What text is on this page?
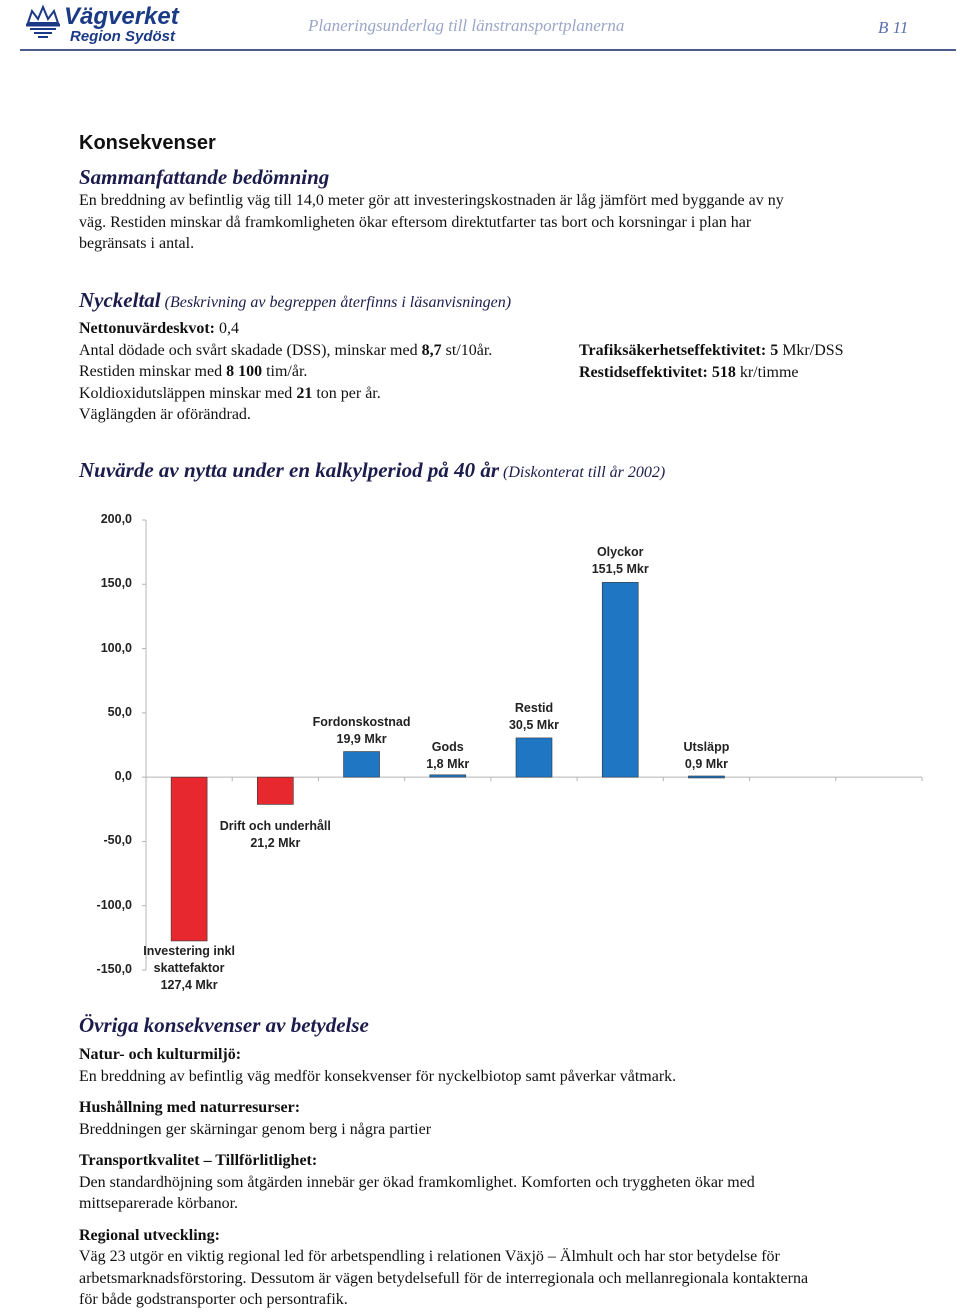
Vägverket
Region Sydöst
Planeringsunderlag till länstransportplanerna	B 11
Konsekvenser
Sammanfattande bedömning
En breddning av befintlig väg till 14,0 meter gör att investeringskostnaden är låg jämfört med byggande av ny
väg. Restiden minskar då framkomligheten ökar eftersom direktutfarter tas bort och korsningar i plan har
begränsats i antal.
Nyckeltal (Beskrivning av begreppen återfinns i läsanvisningen)
Nettonuvärdeskvot: 0,4
Antal dödade och svårt skadade (DSS), minskar med 8,7 st/10år.
Restiden minskar med 8 100 tim/år.
Koldioxidutsläppen minskar med 21 ton per år.
Väglängden är oförändrad.
Trafiksäkerhetseffektivitet: 5 Mkr/DSS
Restidseffektivitet: 518 kr/timme
Nuvärde av nytta under en kalkylperiod på 40 år (Diskonterat till år 2002)
200,0
150,0
100,0
50,0
0,0
-50,0
-100,0
-150,0
Investering inkl
skattefaktor
127,4 Mkr
Drift och underhåll
21,2 Mkr
Fordonskostnad
19,9 Mkr
Gods
1,8 Mkr
Restid
30,5 Mkr
Olyckor
151,5 Mkr
Utsläpp
0,9 Mkr
Övriga konsekvenser av betydelse
Natur- och kulturmiljö:
En breddning av befintlig väg medför konsekvenser för nyckelbiotop samt påverkar våtmark.
Hushållning med naturresurser:
Breddningen ger skärningar genom berg i några partier
Transportkvalitet – Tillförlitlighet:
Den standardhöjning som åtgärden innebär ger ökad framkomlighet. Komforten och tryggheten ökar med
mittseparerade körbanor.
Regional utveckling:
Väg 23 utgör en viktig regional led för arbetspendling i relationen Växjö – Älmhult och har stor betydelse för
arbetsmarknadsförstoring. Dessutom är vägen betydelsefull för de interregionala och mellanregionala kontakterna
för både godstransporter och persontrafik.
